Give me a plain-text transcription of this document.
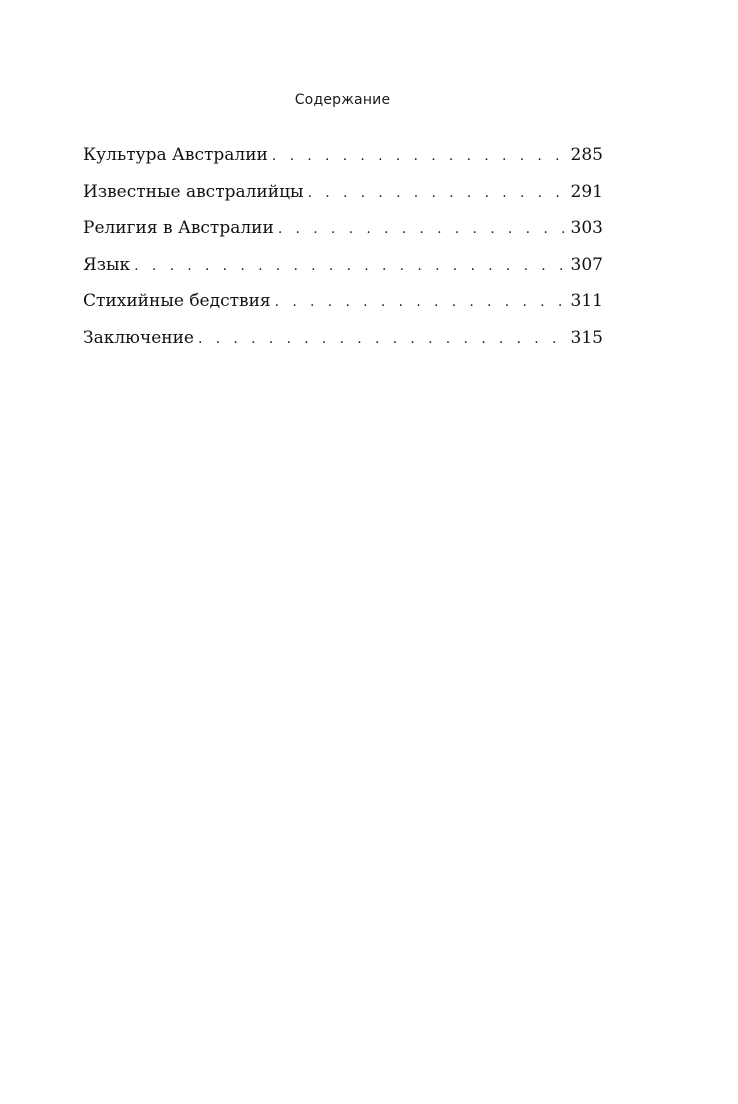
Содержание
Культура Австралии . . .	285
Известные австралийцы . . .	291
Религия в Австралии . . .	303
Язык . . .	307
Стихийные бедствия . . .	311
Заключение . . .	315
